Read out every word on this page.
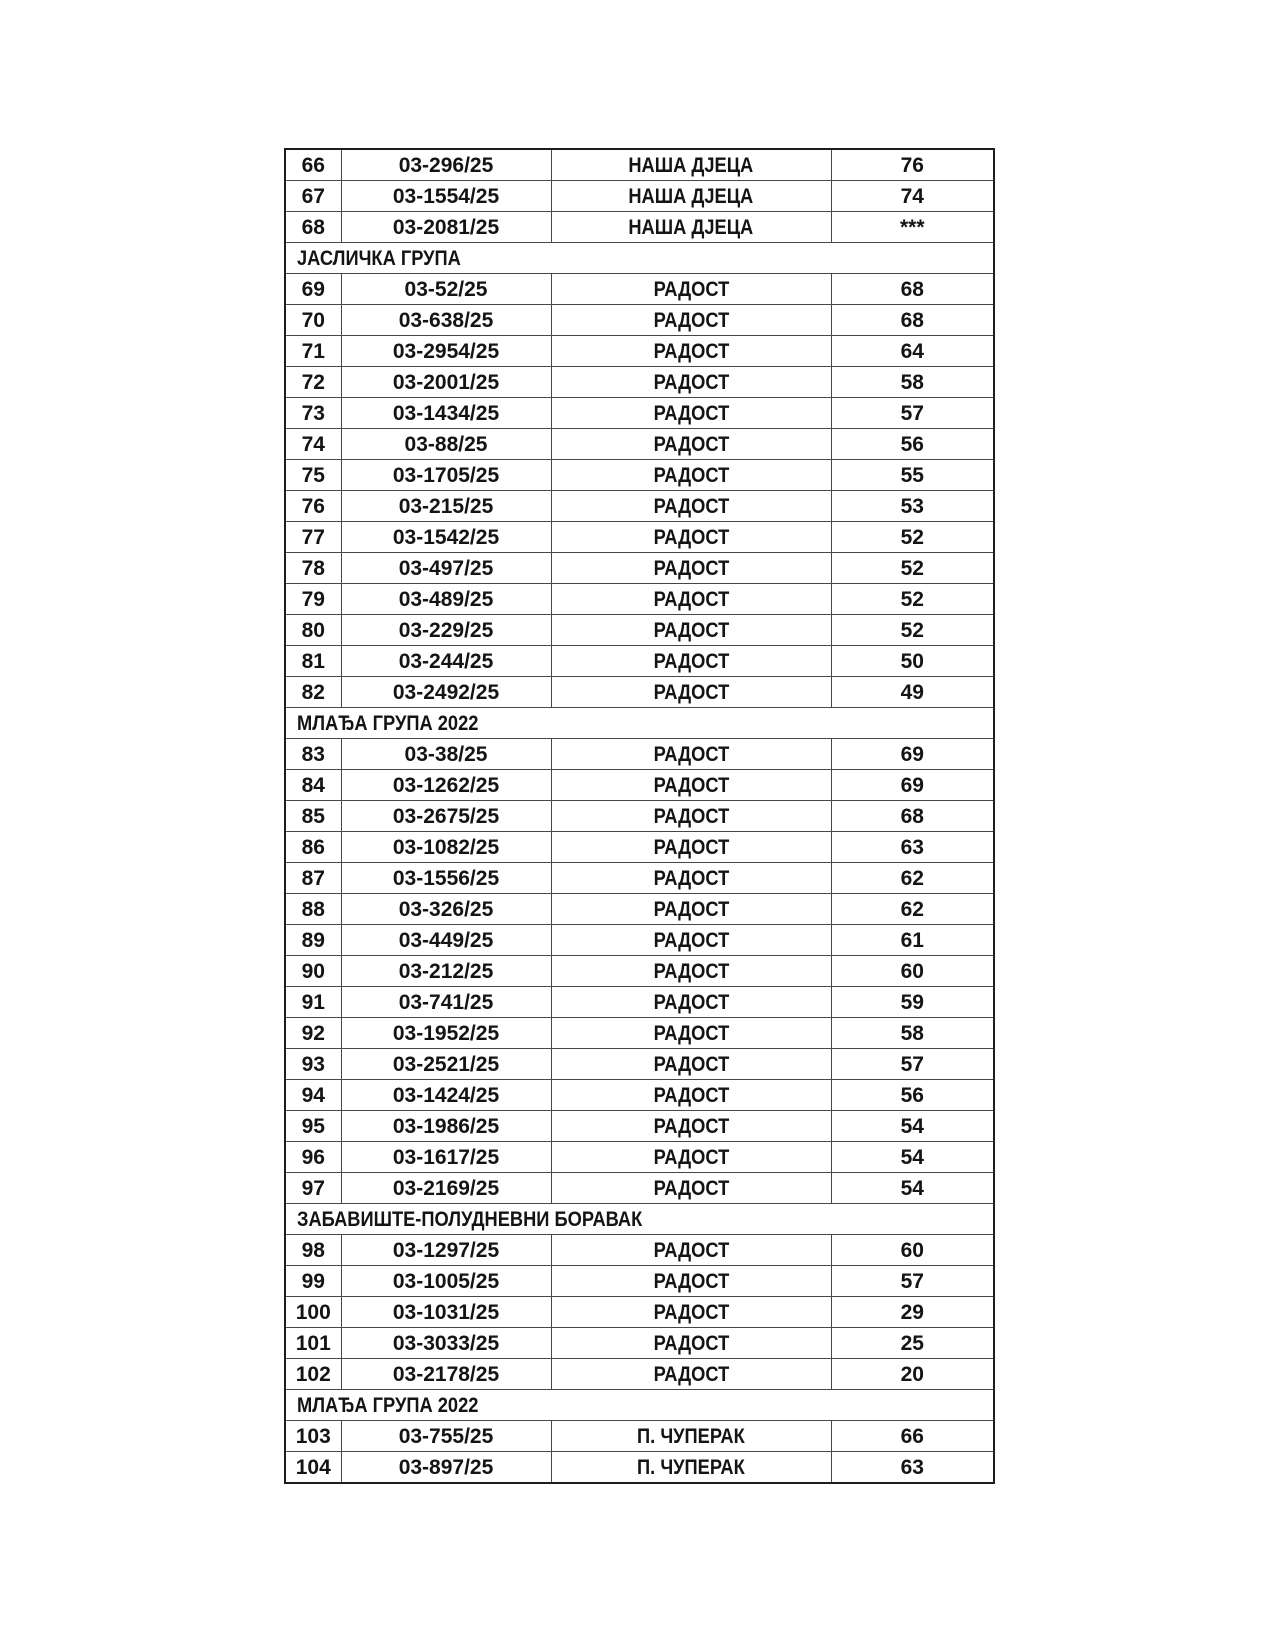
66	03-296/25	НАША ДЈЕЦА	76
67	03-1554/25	НАША ДЈЕЦА	74
68	03-2081/25	НАША ДЈЕЦА	***
ЈАСЛИЧКА ГРУПА			
69	03-52/25	РАДОСТ	68
70	03-638/25	РАДОСТ	68
71	03-2954/25	РАДОСТ	64
72	03-2001/25	РАДОСТ	58
73	03-1434/25	РАДОСТ	57
74	03-88/25	РАДОСТ	56
75	03-1705/25	РАДОСТ	55
76	03-215/25	РАДОСТ	53
77	03-1542/25	РАДОСТ	52
78	03-497/25	РАДОСТ	52
79	03-489/25	РАДОСТ	52
80	03-229/25	РАДОСТ	52
81	03-244/25	РАДОСТ	50
82	03-2492/25	РАДОСТ	49
МЛАЂА ГРУПА 2022			
83	03-38/25	РАДОСТ	69
84	03-1262/25	РАДОСТ	69
85	03-2675/25	РАДОСТ	68
86	03-1082/25	РАДОСТ	63
87	03-1556/25	РАДОСТ	62
88	03-326/25	РАДОСТ	62
89	03-449/25	РАДОСТ	61
90	03-212/25	РАДОСТ	60
91	03-741/25	РАДОСТ	59
92	03-1952/25	РАДОСТ	58
93	03-2521/25	РАДОСТ	57
94	03-1424/25	РАДОСТ	56
95	03-1986/25	РАДОСТ	54
96	03-1617/25	РАДОСТ	54
97	03-2169/25	РАДОСТ	54
ЗАБАВИШТЕ-ПОЛУДНЕВНИ БОРАВАК			
98	03-1297/25	РАДОСТ	60
99	03-1005/25	РАДОСТ	57
100	03-1031/25	РАДОСТ	29
101	03-3033/25	РАДОСТ	25
102	03-2178/25	РАДОСТ	20
МЛАЂА ГРУПА 2022			
103	03-755/25	П. ЧУПЕРАК	66
104	03-897/25	П. ЧУПЕРАК	63
